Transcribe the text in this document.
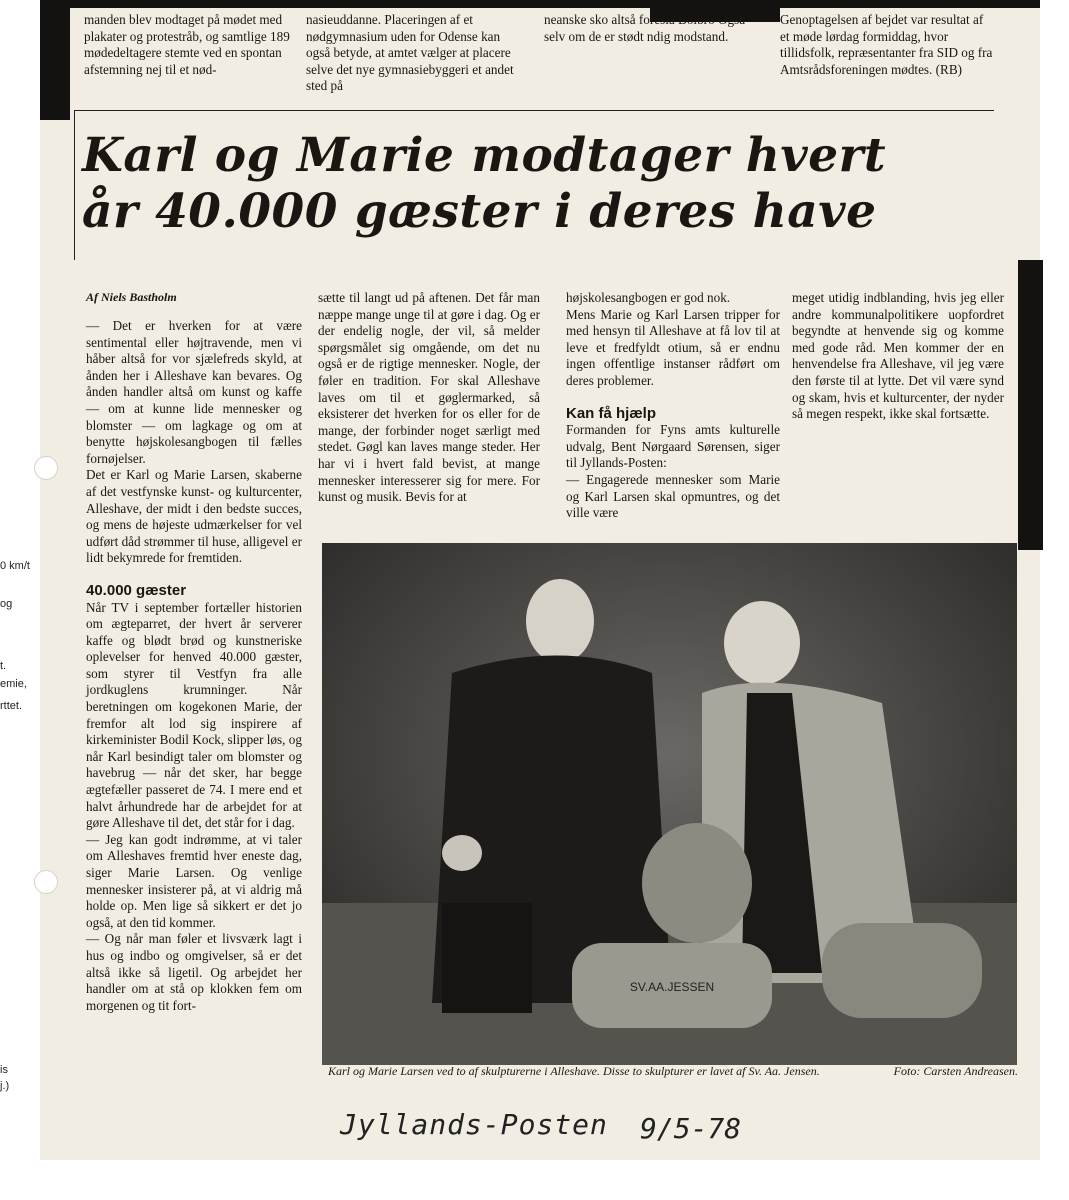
manden blev modtaget på mødet med plakater og protestråb, og samtlige 189 mødedeltagere stemte ved en spontan afstemning nej til et nød-
nasieuddanne. Placeringen af et nødgymnasium uden for Odense kan også betyde, at amtet vælger at placere selve det nye gymnasiebyggeri et andet sted på
neanske sko altså foreslå Bolbro Også selv om de er stødt ndig modstand.
Genoptagelsen af bejdet var resultat af et møde lørdag formiddag, hvor tillidsfolk, repræsentanter fra SID og fra Amtsrådsforeningen mødtes. (RB)
Karl og Marie modtager hvert
år 40.000 gæster i deres have
Af Niels Bastholm

— Det er hverken for at være sentimental eller højtravende, men vi håber altså for vor sjælefreds skyld, at ånden her i Alleshave kan bevares. Og ånden handler altså om kunst og kaffe — om at kunne lide mennesker og blomster — om lagkage og om at benytte højskolesangbogen til fælles fornøjelser.

Det er Karl og Marie Larsen, skaberne af det vestfynske kunst- og kulturcenter, Alleshave, der midt i den bedste succes, og mens de højeste udmærkelser for vel udført dåd strømmer til huse, alligevel er lidt bekymrede for fremtiden.

40.000 gæster

Når TV i september fortæller historien om ægteparret, der hvert år serverer kaffe og blødt brød og kunstneriske oplevelser for henved 40.000 gæster, som styrer til Vestfyn fra alle jordkuglens krumninger. Når beretningen om kogekonen Marie, der fremfor alt lod sig inspirere af kirkeminister Bodil Kock, slipper løs, og når Karl besindigt taler om blomster og havebrug — når det sker, har begge ægtefæller passeret de 74. I mere end et halvt århundrede har de arbejdet for at gøre Alleshave til det, det står for i dag.

— Jeg kan godt indrømme, at vi taler om Alleshaves fremtid hver eneste dag, siger Marie Larsen. Og venlige mennesker insisterer på, at vi aldrig må holde op. Men lige så sikkert er det jo også, at den tid kommer.

— Og når man føler et livsværk lagt i hus og indbo og omgivelser, så er det altså ikke så ligetil. Og arbejdet her handler om at stå op klokken fem om morgenen og tit fort-

sætte til langt ud på aftenen. Det får man næppe mange unge til at gøre i dag. Og er der endelig nogle, der vil, så melder spørgsmålet sig omgående, om det nu også er de rigtige mennesker. Nogle, der føler en tradition. For skal Alleshave laves om til et gøglermarked, så eksisterer det hverken for os eller for de mange, der forbinder noget særligt med stedet. Gøgl kan laves mange steder. Her har vi i hvert fald bevist, at mange mennesker interesserer sig for mere. For kunst og musik. Bevis for at

højskolesangbogen er god nok.

Mens Marie og Karl Larsen tripper for med hensyn til Alleshave at få lov til at leve et fredfyldt otium, så er endnu ingen offentlige instanser rådført om deres problemer.

Kan få hjælp

Formanden for Fyns amts kulturelle udvalg, Bent Nørgaard Sørensen, siger til Jyllands-Posten:

— Engagerede mennesker som Marie og Karl Larsen skal opmuntres, og det ville være

meget utidig indblanding, hvis jeg eller andre kommunalpolitikere uopfordret begyndte at henvende sig og komme med gode råd. Men kommer der en henvendelse fra Alleshave, vil jeg være den første til at lytte. Det vil være synd og skam, hvis et kulturcenter, der nyder så megen respekt, ikke skal fortsætte.

SV.AA.JESSEN
Karl og Marie Larsen ved to af skulpturerne i Alleshave. Disse to skulpturer er lavet af Sv. Aa. Jensen.	Foto: Carsten Andreasen.
Jyllands-Posten 9/5-78
0 km/t
og
t.
emie,
rttet.
is
j.)
